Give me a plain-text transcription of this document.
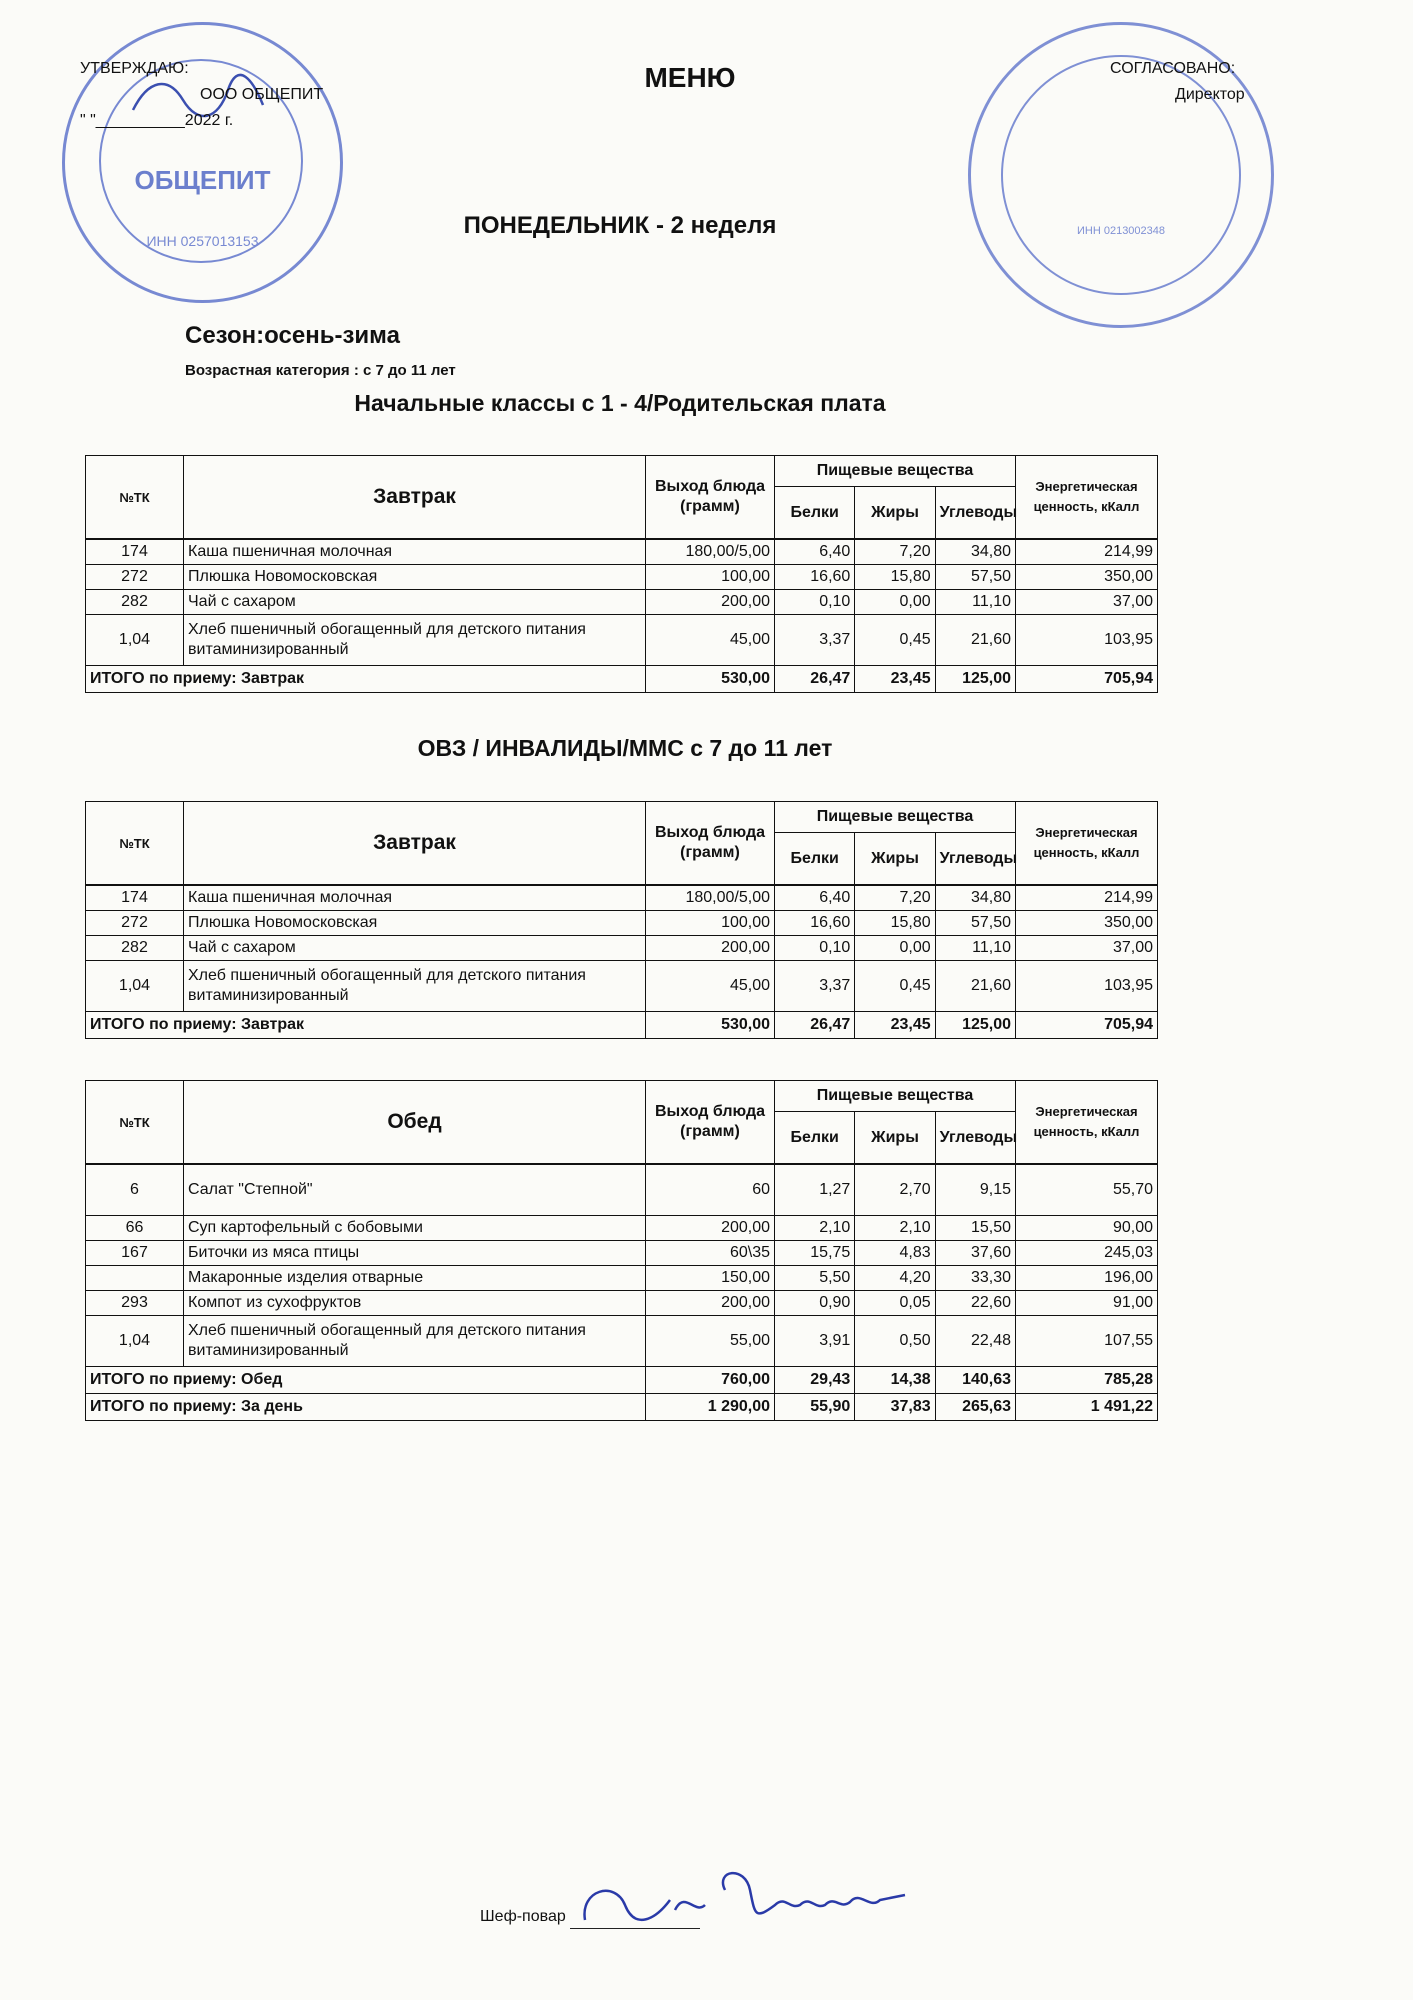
ОБЩЕПИТ
ИНН 0257013153
ИНН 0213002348
УТВЕРЖДАЮ:
ООО ОБЩЕПИТ
" "__________2022 г.
СОГЛАСОВАНО:
Директор
МЕНЮ
ПОНЕДЕЛЬНИК - 2 неделя
Сезон:осень-зима
Возрастная категория : с 7 до 11 лет
Начальные классы с 1 - 4/Родительская плата
№ТК	Завтрак	Выход блюда (грамм)	Пищевые вещества			Энергетическая ценность, кКалл
			Белки	Жиры	Углеводы	
174	Каша пшеничная молочная	180,00/5,00	6,40	7,20	34,80	214,99
272	Плюшка Новомосковская	100,00	16,60	15,80	57,50	350,00
282	Чай с сахаром	200,00	0,10	0,00	11,10	37,00
1,04	Хлеб пшеничный обогащенный для детского питания витаминизированный	45,00	3,37	0,45	21,60	103,95
ИТОГО по приему: Завтрак		530,00	26,47	23,45	125,00	705,94
ОВЗ / ИНВАЛИДЫ/ММС с 7 до 11 лет
№ТК	Завтрак	Выход блюда (грамм)	Пищевые вещества			Энергетическая ценность, кКалл
			Белки	Жиры	Углеводы	
174	Каша пшеничная молочная	180,00/5,00	6,40	7,20	34,80	214,99
272	Плюшка Новомосковская	100,00	16,60	15,80	57,50	350,00
282	Чай с сахаром	200,00	0,10	0,00	11,10	37,00
1,04	Хлеб пшеничный обогащенный для детского питания витаминизированный	45,00	3,37	0,45	21,60	103,95
ИТОГО по приему: Завтрак		530,00	26,47	23,45	125,00	705,94
№ТК	Обед	Выход блюда (грамм)	Пищевые вещества			Энергетическая ценность, кКалл
			Белки	Жиры	Углеводы	
6	Салат "Степной"	60	1,27	2,70	9,15	55,70
66	Суп картофельный с бобовыми	200,00	2,10	2,10	15,50	90,00
167	Биточки из мяса птицы	60\35	15,75	4,83	37,60	245,03
	Макаронные изделия отварные	150,00	5,50	4,20	33,30	196,00
293	Компот из сухофруктов	200,00	0,90	0,05	22,60	91,00
1,04	Хлеб пшеничный обогащенный для детского питания витаминизированный	55,00	3,91	0,50	22,48	107,55
ИТОГО по приему: Обед		760,00	29,43	14,38	140,63	785,28
ИТОГО по приему: За день		1 290,00	55,90	37,83	265,63	1 491,22
Шеф-повар
